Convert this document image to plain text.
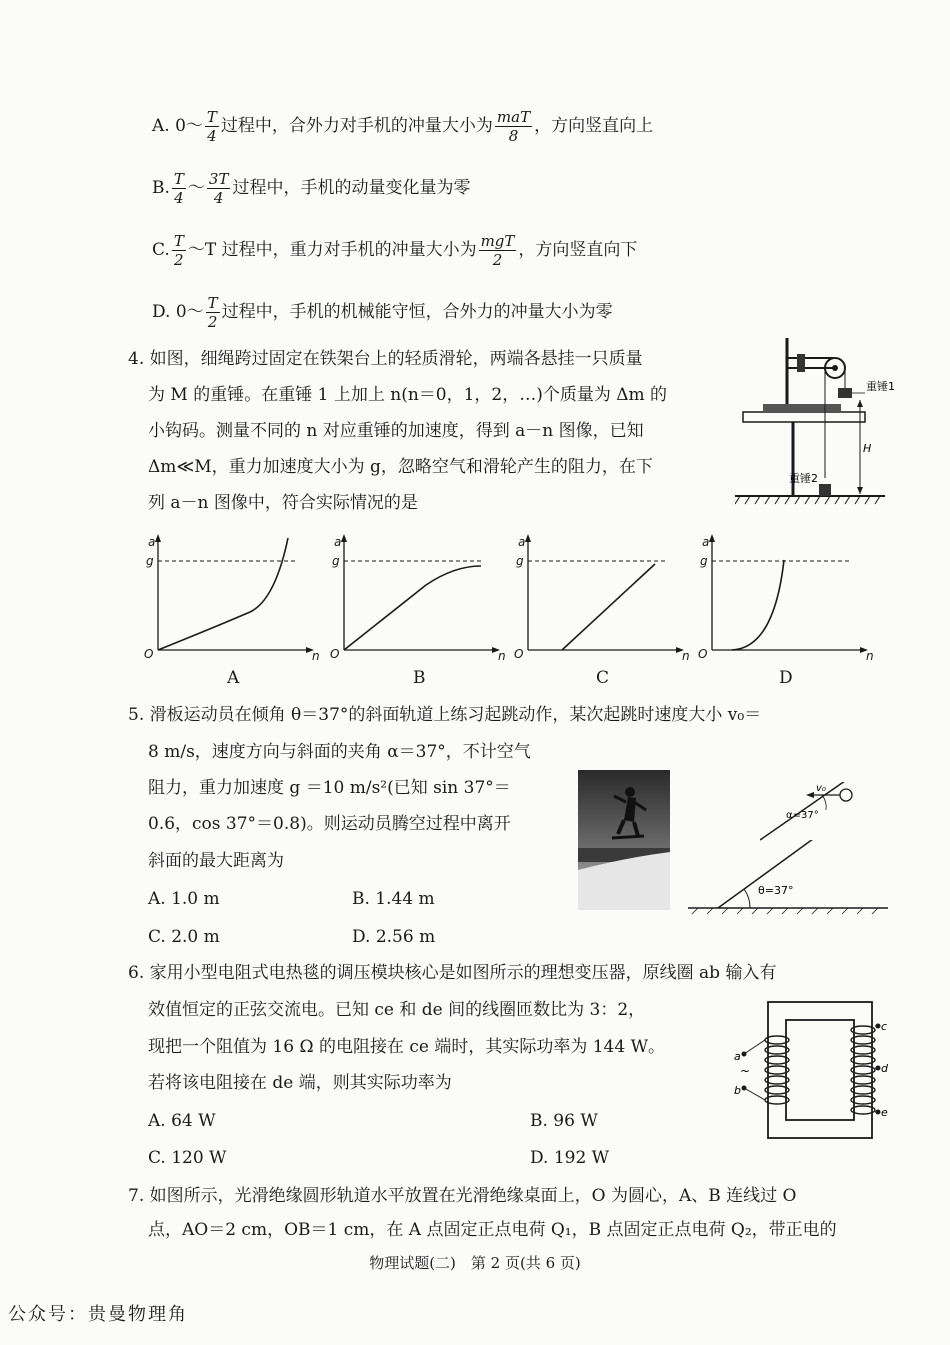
A. 0～ $\frac{T}{4}$ 过程中，合外力对手机的冲量大小为 $\frac{\text{maT}}{8}$ ，方向竖直向上
B. $\frac{T}{4}$ ～ $\frac{3T}{4}$ 过程中，手机的动量变化量为零
C. $\frac{T}{2}$ ～T 过程中，重力对手机的冲量大小为 $\frac{\text{mgT}}{2}$ ，方向竖直向下
D. 0～ $\frac{T}{2}$ 过程中，手机的机械能守恒，合外力的冲量大小为零
4. 如图，细绳跨过固定在铁架台上的轻质滑轮，两端各悬挂一只质量
为 M 的重锤。在重锤 1 上加上 n(n＝0，1，2，…)个质量为 Δm 的
小钩码。测量不同的 n 对应重锤的加速度，得到 a－n 图像，已知
Δm≪M，重力加速度大小为 g，忽略空气和滑轮产生的阻力，在下
列 a－n 图像中，符合实际情况的是
重锤1
H
重锤2
a
g
O	n
a
g
O	n
a
g
O	n
a
g
O	n
A	B	C	D
5. 滑板运动员在倾角 θ＝37°的斜面轨道上练习起跳动作，某次起跳时速度大小 v₀＝
8 m/s，速度方向与斜面的夹角 α＝37°，不计空气
阻力，重力加速度 g ＝10 m/s²(已知 sin 37°＝
0.6，cos 37°＝0.8)。则运动员腾空过程中离开
斜面的最大距离为
A. 1.0 m	B. 1.44 m
C. 2.0 m	D. 2.56 m
θ=37°
v₀
α=37°
6. 家用小型电阻式电热毯的调压模块核心是如图所示的理想变压器，原线圈 ab 输入有
效值恒定的正弦交流电。已知 ce 和 de 间的线圈匝数比为 3：2，
现把一个阻值为 16 Ω 的电阻接在 ce 端时，其实际功率为 144 W。
若将该电阻接在 de 端，则其实际功率为
A. 64 W	B. 96 W
C. 120 W	D. 192 W
a
~
b
c
d
e
7. 如图所示，光滑绝缘圆形轨道水平放置在光滑绝缘桌面上，O 为圆心，A、B 连线过 O
点，AO＝2 cm，OB＝1 cm，在 A 点固定正点电荷 Q₁，B 点固定正点电荷 Q₂，带正电的
物理试题(二)　第 2 页(共 6 页)
公众号：贵曼物理角
